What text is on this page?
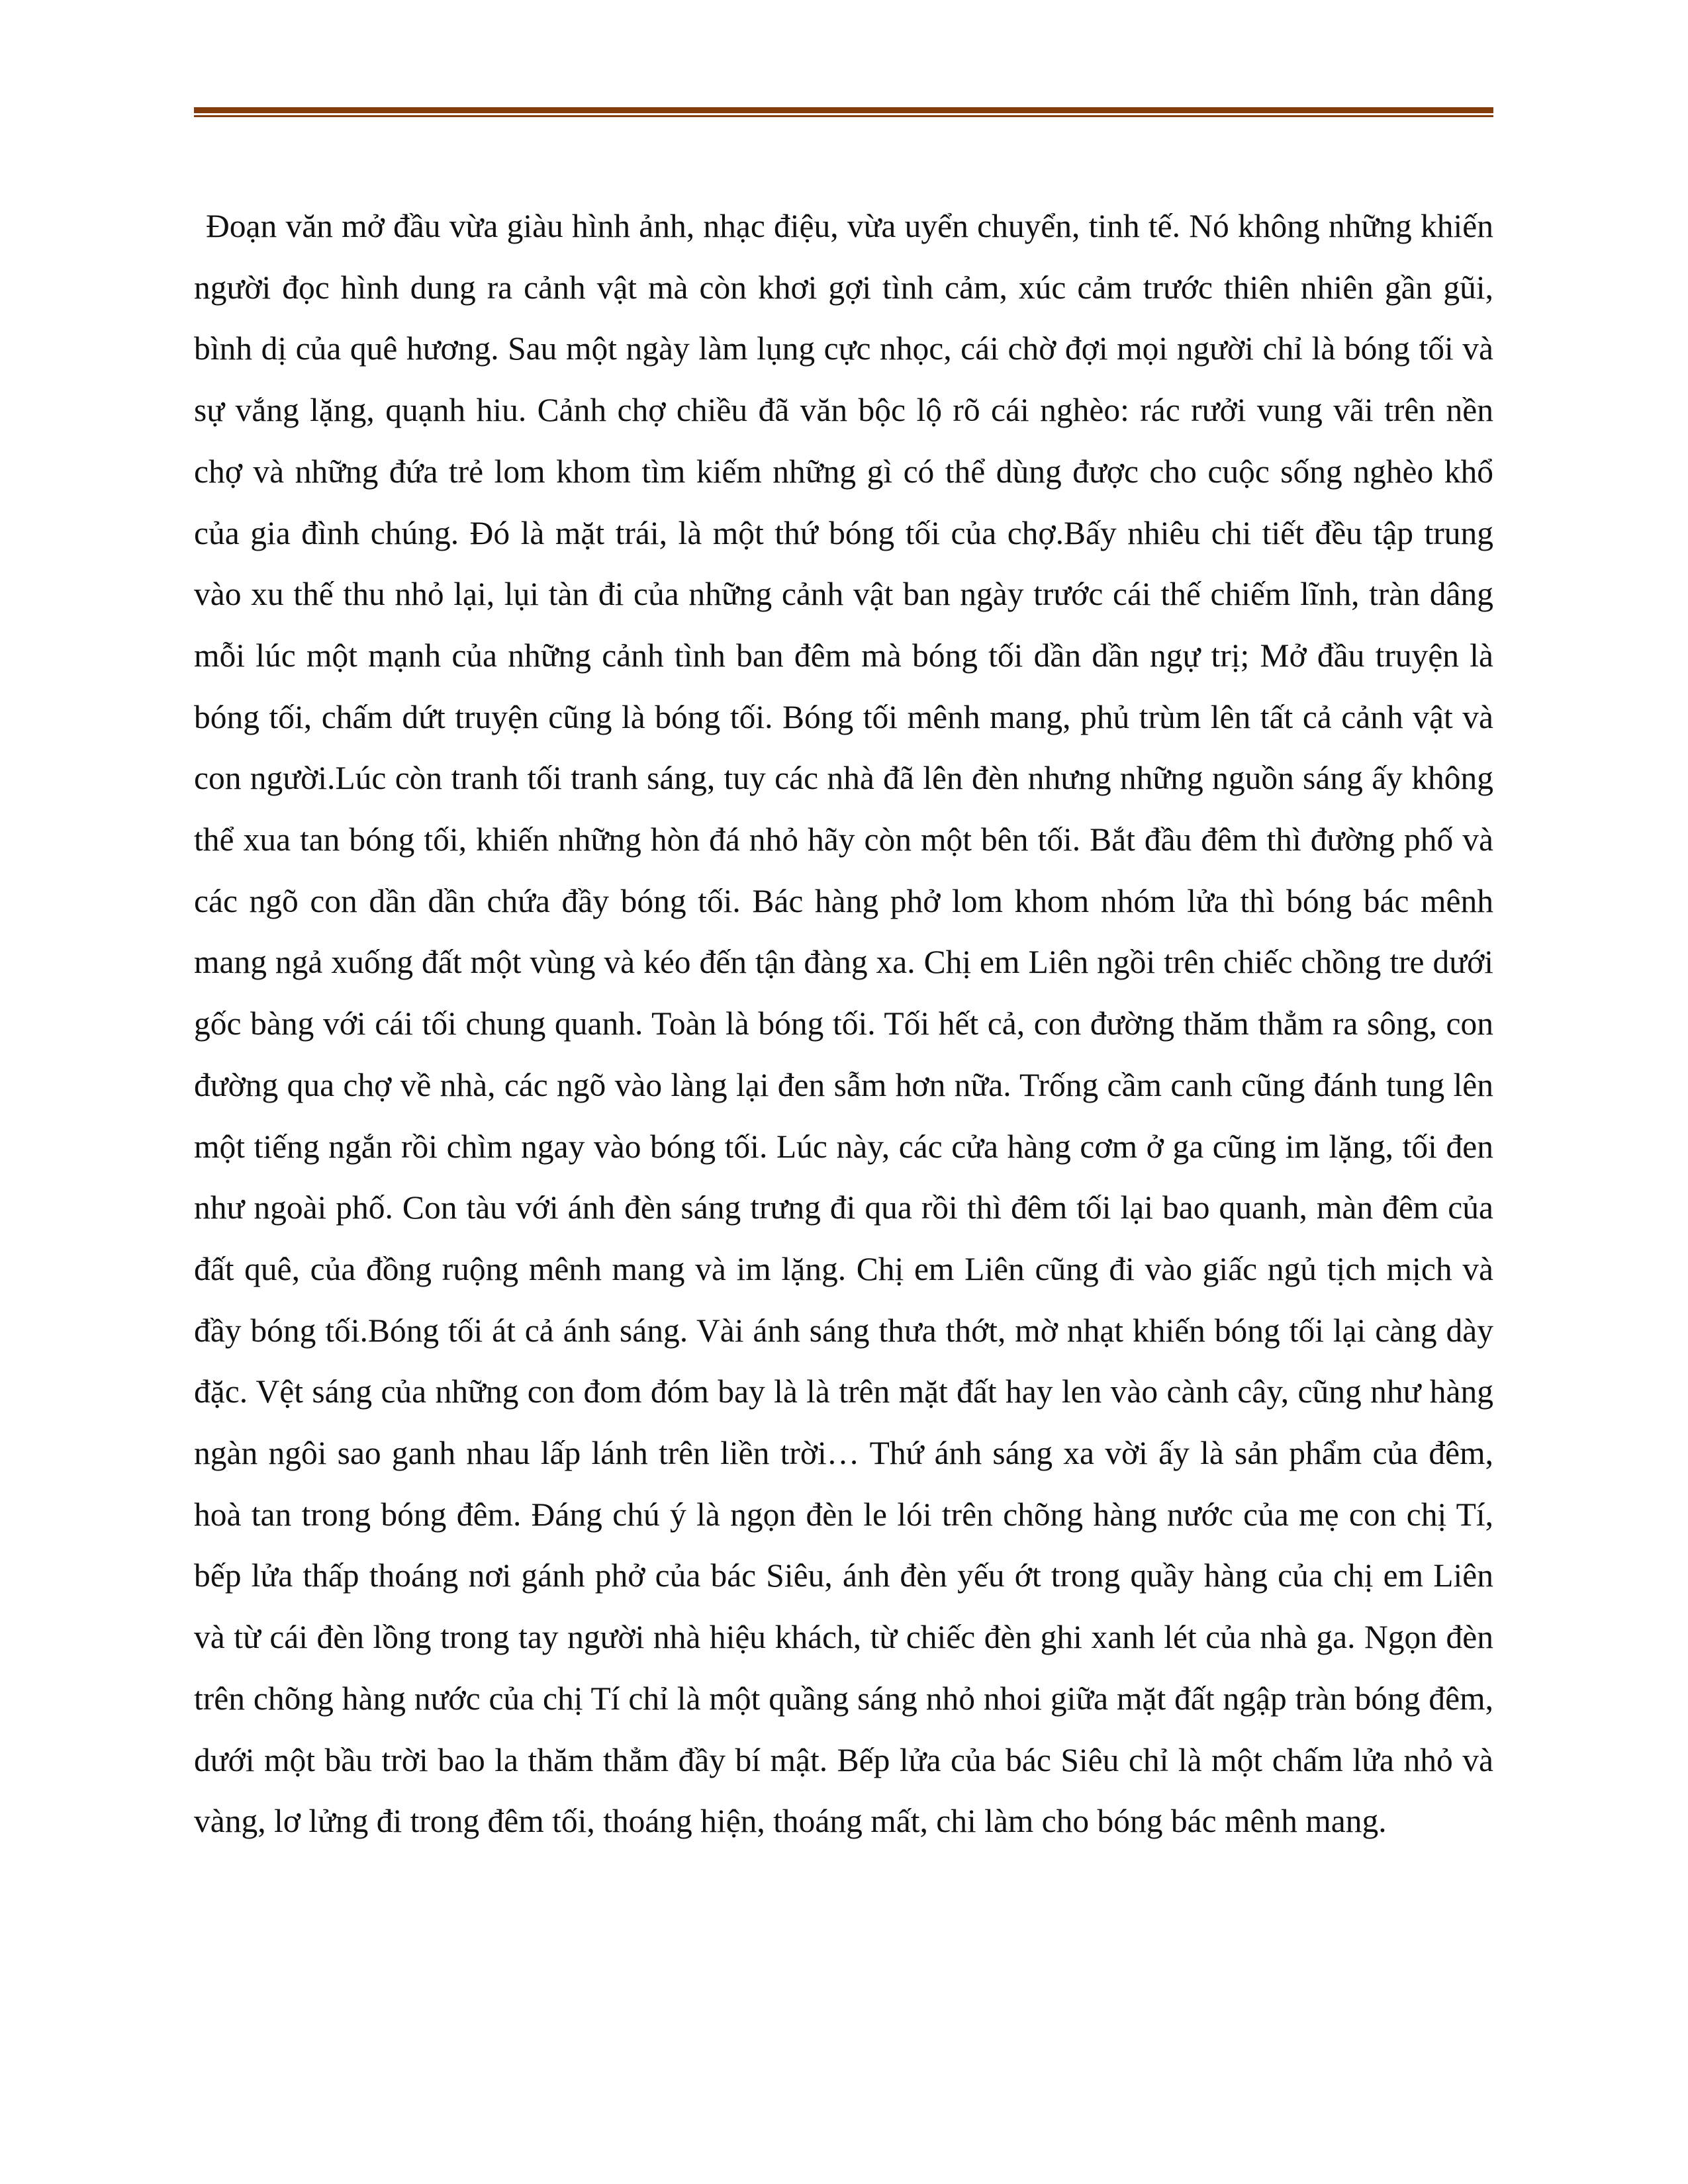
Đoạn văn mở đầu vừa giàu hình ảnh, nhạc điệu, vừa uyển chuyển, tinh tế. Nó không những khiến người đọc hình dung ra cảnh vật mà còn khơi gợi tình cảm, xúc cảm trước thiên nhiên gần gũi, bình dị của quê hương. Sau một ngày làm lụng cực nhọc, cái chờ đợi mọi người chỉ là bóng tối và sự vắng lặng, quạnh hiu. Cảnh chợ chiều đã văn bộc lộ rõ cái nghèo: rác rưởi vung vãi trên nền chợ và những đứa trẻ lom khom tìm kiếm những gì có thể dùng được cho cuộc sống nghèo khổ của gia đình chúng. Đó là mặt trái, là một thứ bóng tối của chợ.Bấy nhiêu chi tiết đều tập trung vào xu thế thu nhỏ lại, lụi tàn đi của những cảnh vật ban ngày trước cái thế chiếm lĩnh, tràn dâng mỗi lúc một mạnh của những cảnh tình ban đêm mà bóng tối dần dần ngự trị; Mở đầu truyện là bóng tối, chấm dứt truyện cũng là bóng tối. Bóng tối mênh mang, phủ trùm lên tất cả cảnh vật và con người.Lúc còn tranh tối tranh sáng, tuy các nhà đã lên đèn nhưng những nguồn sáng ấy không thể xua tan bóng tối, khiến những hòn đá nhỏ hãy còn một bên tối. Bắt đầu đêm thì đường phố và các ngõ con dần dần chứa đầy bóng tối. Bác hàng phở lom khom nhóm lửa thì bóng bác mênh mang ngả xuống đất một vùng và kéo đến tận đàng xa. Chị em Liên ngồi trên chiếc chồng tre dưới gốc bàng với cái tối chung quanh. Toàn là bóng tối. Tối hết cả, con đường thăm thẳm ra sông, con đường qua chợ về nhà, các ngõ vào làng lại đen sẫm hơn nữa. Trống cầm canh cũng đánh tung lên một tiếng ngắn rồi chìm ngay vào bóng tối. Lúc này, các cửa hàng cơm ở ga cũng im lặng, tối đen như ngoài phố. Con tàu với ánh đèn sáng trưng đi qua rồi thì đêm tối lại bao quanh, màn đêm của đất quê, của đồng ruộng mênh mang và im lặng. Chị em Liên cũng đi vào giấc ngủ tịch mịch và đầy bóng tối.Bóng tối át cả ánh sáng. Vài ánh sáng thưa thớt, mờ nhạt khiến bóng tối lại càng dày đặc. Vệt sáng của những con đom đóm bay là là trên mặt đất hay len vào cành cây, cũng như hàng ngàn ngôi sao ganh nhau lấp lánh trên liền trời… Thứ ánh sáng xa vời ấy là sản phẩm của đêm, hoà tan trong bóng đêm. Đáng chú ý là ngọn đèn le lói trên chõng hàng nước của mẹ con chị Tí, bếp lửa thấp thoáng nơi gánh phở của bác Siêu, ánh đèn yếu ớt trong quầy hàng của chị em Liên và từ cái đèn lồng trong tay người nhà hiệu khách, từ chiếc đèn ghi xanh lét của nhà ga. Ngọn đèn trên chõng hàng nước của chị Tí chỉ là một quầng sáng nhỏ nhoi giữa mặt đất ngập tràn bóng đêm, dưới một bầu trời bao la thăm thẳm đầy bí mật. Bếp lửa của bác Siêu chỉ là một chấm lửa nhỏ và vàng, lơ lửng đi trong đêm tối, thoáng hiện, thoáng mất, chi làm cho bóng bác mênh mang.
